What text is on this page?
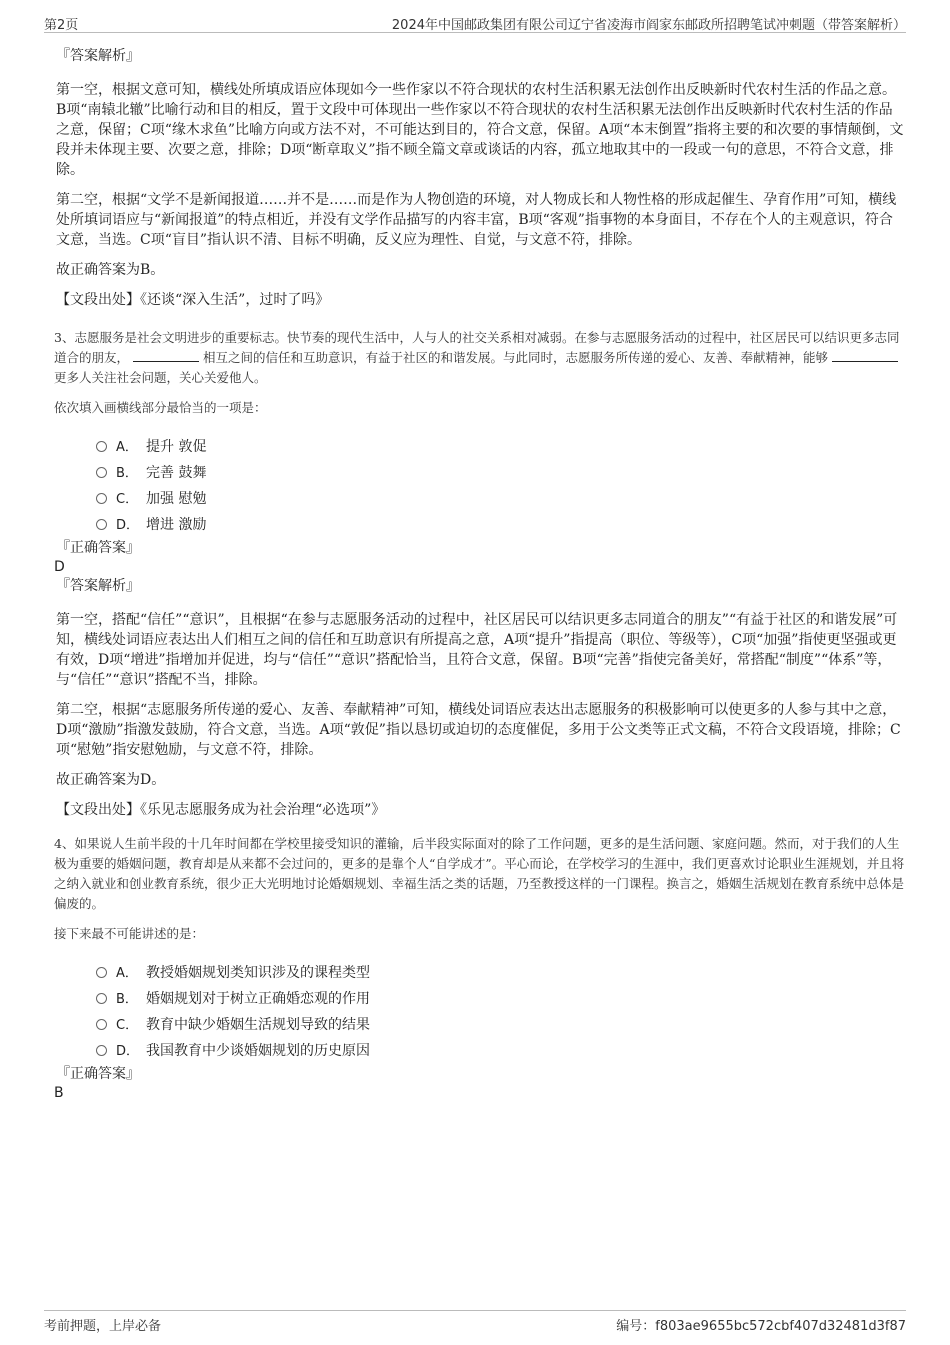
第2页	2024年中国邮政集团有限公司辽宁省凌海市阎家东邮政所招聘笔试冲刺题（带答案解析）
『答案解析』

第一空，根据文意可知，横线处所填成语应体现如今一些作家以不符合现状的农村生活积累无法创作出反映新时代农村生活的作品之意。B项“南辕北辙”比喻行动和目的相反，置于文段中可体现出一些作家以不符合现状的农村生活积累无法创作出反映新时代农村生活的作品之意，保留；C项“缘木求鱼”比喻方向或方法不对，不可能达到目的，符合文意，保留。A项“本末倒置”指将主要的和次要的事情颠倒，文段并未体现主要、次要之意，排除；D项“断章取义”指不顾全篇文章或谈话的内容，孤立地取其中的一段或一句的意思，不符合文意，排除。

第二空，根据“文学不是新闻报道……并不是……而是作为人物创造的环境，对人物成长和人物性格的形成起催生、孕育作用”可知，横线处所填词语应与“新闻报道”的特点相近，并没有文学作品描写的内容丰富，B项“客观”指事物的本身面目，不存在个人的主观意识，符合文意，当选。C项“盲目”指认识不清、目标不明确，反义应为理性、自觉，与文意不符，排除。

故正确答案为B。

【文段出处】《还谈“深入生活”，过时了吗》

3、志愿服务是社会文明进步的重要标志。快节奏的现代生活中，人与人的社交关系相对减弱。在参与志愿服务活动的过程中，社区居民可以结识更多志同道合的朋友，	相互之间的信任和互助意识，有益于社区的和谐发展。与此同时，志愿服务所传递的爱心、友善、奉献精神，能够更多人关注社会问题，关心关爱他人。

依次填入画横线部分最恰当的一项是：

A． 提升 敦促
B． 完善 鼓舞
C． 加强 慰勉
D． 增进 激励
『正确答案』
D
『答案解析』

第一空，搭配“信任”“意识”，且根据“在参与志愿服务活动的过程中，社区居民可以结识更多志同道合的朋友”“有益于社区的和谐发展”可知，横线处词语应表达出人们相互之间的信任和互助意识有所提高之意，A项“提升”指提高（职位、等级等），C项“加强”指使更坚强或更有效，D项“增进”指增加并促进，均与“信任”“意识”搭配恰当，且符合文意，保留。B项“完善”指使完备美好，常搭配“制度”“体系”等，与“信任”“意识”搭配不当，排除。

第二空，根据“志愿服务所传递的爱心、友善、奉献精神”可知，横线处词语应表达出志愿服务的积极影响可以使更多的人参与其中之意，D项“激励”指激发鼓励，符合文意，当选。A项“敦促”指以恳切或迫切的态度催促，多用于公文类等正式文稿，不符合文段语境，排除；C项“慰勉”指安慰勉励，与文意不符，排除。

故正确答案为D。

【文段出处】《乐见志愿服务成为社会治理“必选项”》

4、如果说人生前半段的十几年时间都在学校里接受知识的灌输，后半段实际面对的除了工作问题，更多的是生活问题、家庭问题。然而，对于我们的人生极为重要的婚姻问题，教育却是从来都不会过问的，更多的是靠个人“自学成才”。平心而论，在学校学习的生涯中，我们更喜欢讨论职业生涯规划，并且将之纳入就业和创业教育系统，很少正大光明地讨论婚姻规划、幸福生活之类的话题，乃至教授这样的一门课程。换言之，婚姻生活规划在教育系统中总体是偏废的。

接下来最不可能讲述的是：

A． 教授婚姻规划类知识涉及的课程类型
B． 婚姻规划对于树立正确婚恋观的作用
C． 教育中缺少婚姻生活规划导致的结果
D． 我国教育中少谈婚姻规划的历史原因
『正确答案』
B
考前押题，上岸必备	编号：f803ae9655bc572cbf407d32481d3f87
